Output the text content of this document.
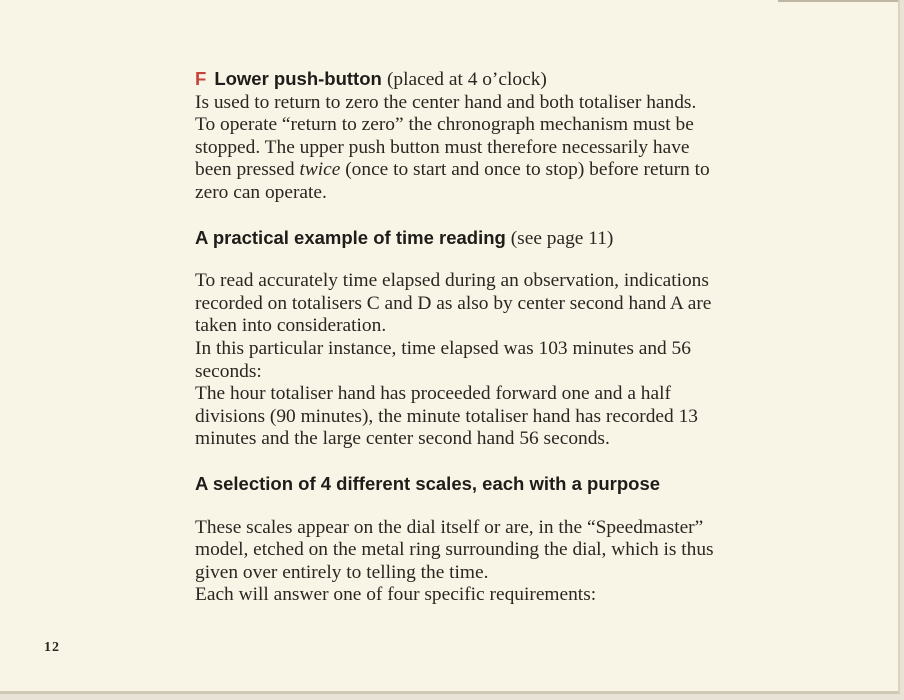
F Lower push-button (placed at 4 o’clock)

Is used to return to zero the center hand and both totaliser hands.

To operate “return to zero” the chronograph mechanism must be

stopped. The upper push button must therefore necessarily have

been pressed twice (once to start and once to stop) before return to

zero can operate.

A practical example of time reading (see page 11)

To read accurately time elapsed during an observation, indications

recorded on totalisers C and D as also by center second hand A are

taken into consideration.

In this particular instance, time elapsed was 103 minutes and 56

seconds:

The hour totaliser hand has proceeded forward one and a half

divisions (90 minutes), the minute totaliser hand has recorded 13

minutes and the large center second hand 56 seconds.

A selection of 4 different scales, each with a purpose

These scales appear on the dial itself or are, in the “Speedmaster”

model, etched on the metal ring surrounding the dial, which is thus

given over entirely to telling the time.

Each will answer one of four specific requirements:

12
